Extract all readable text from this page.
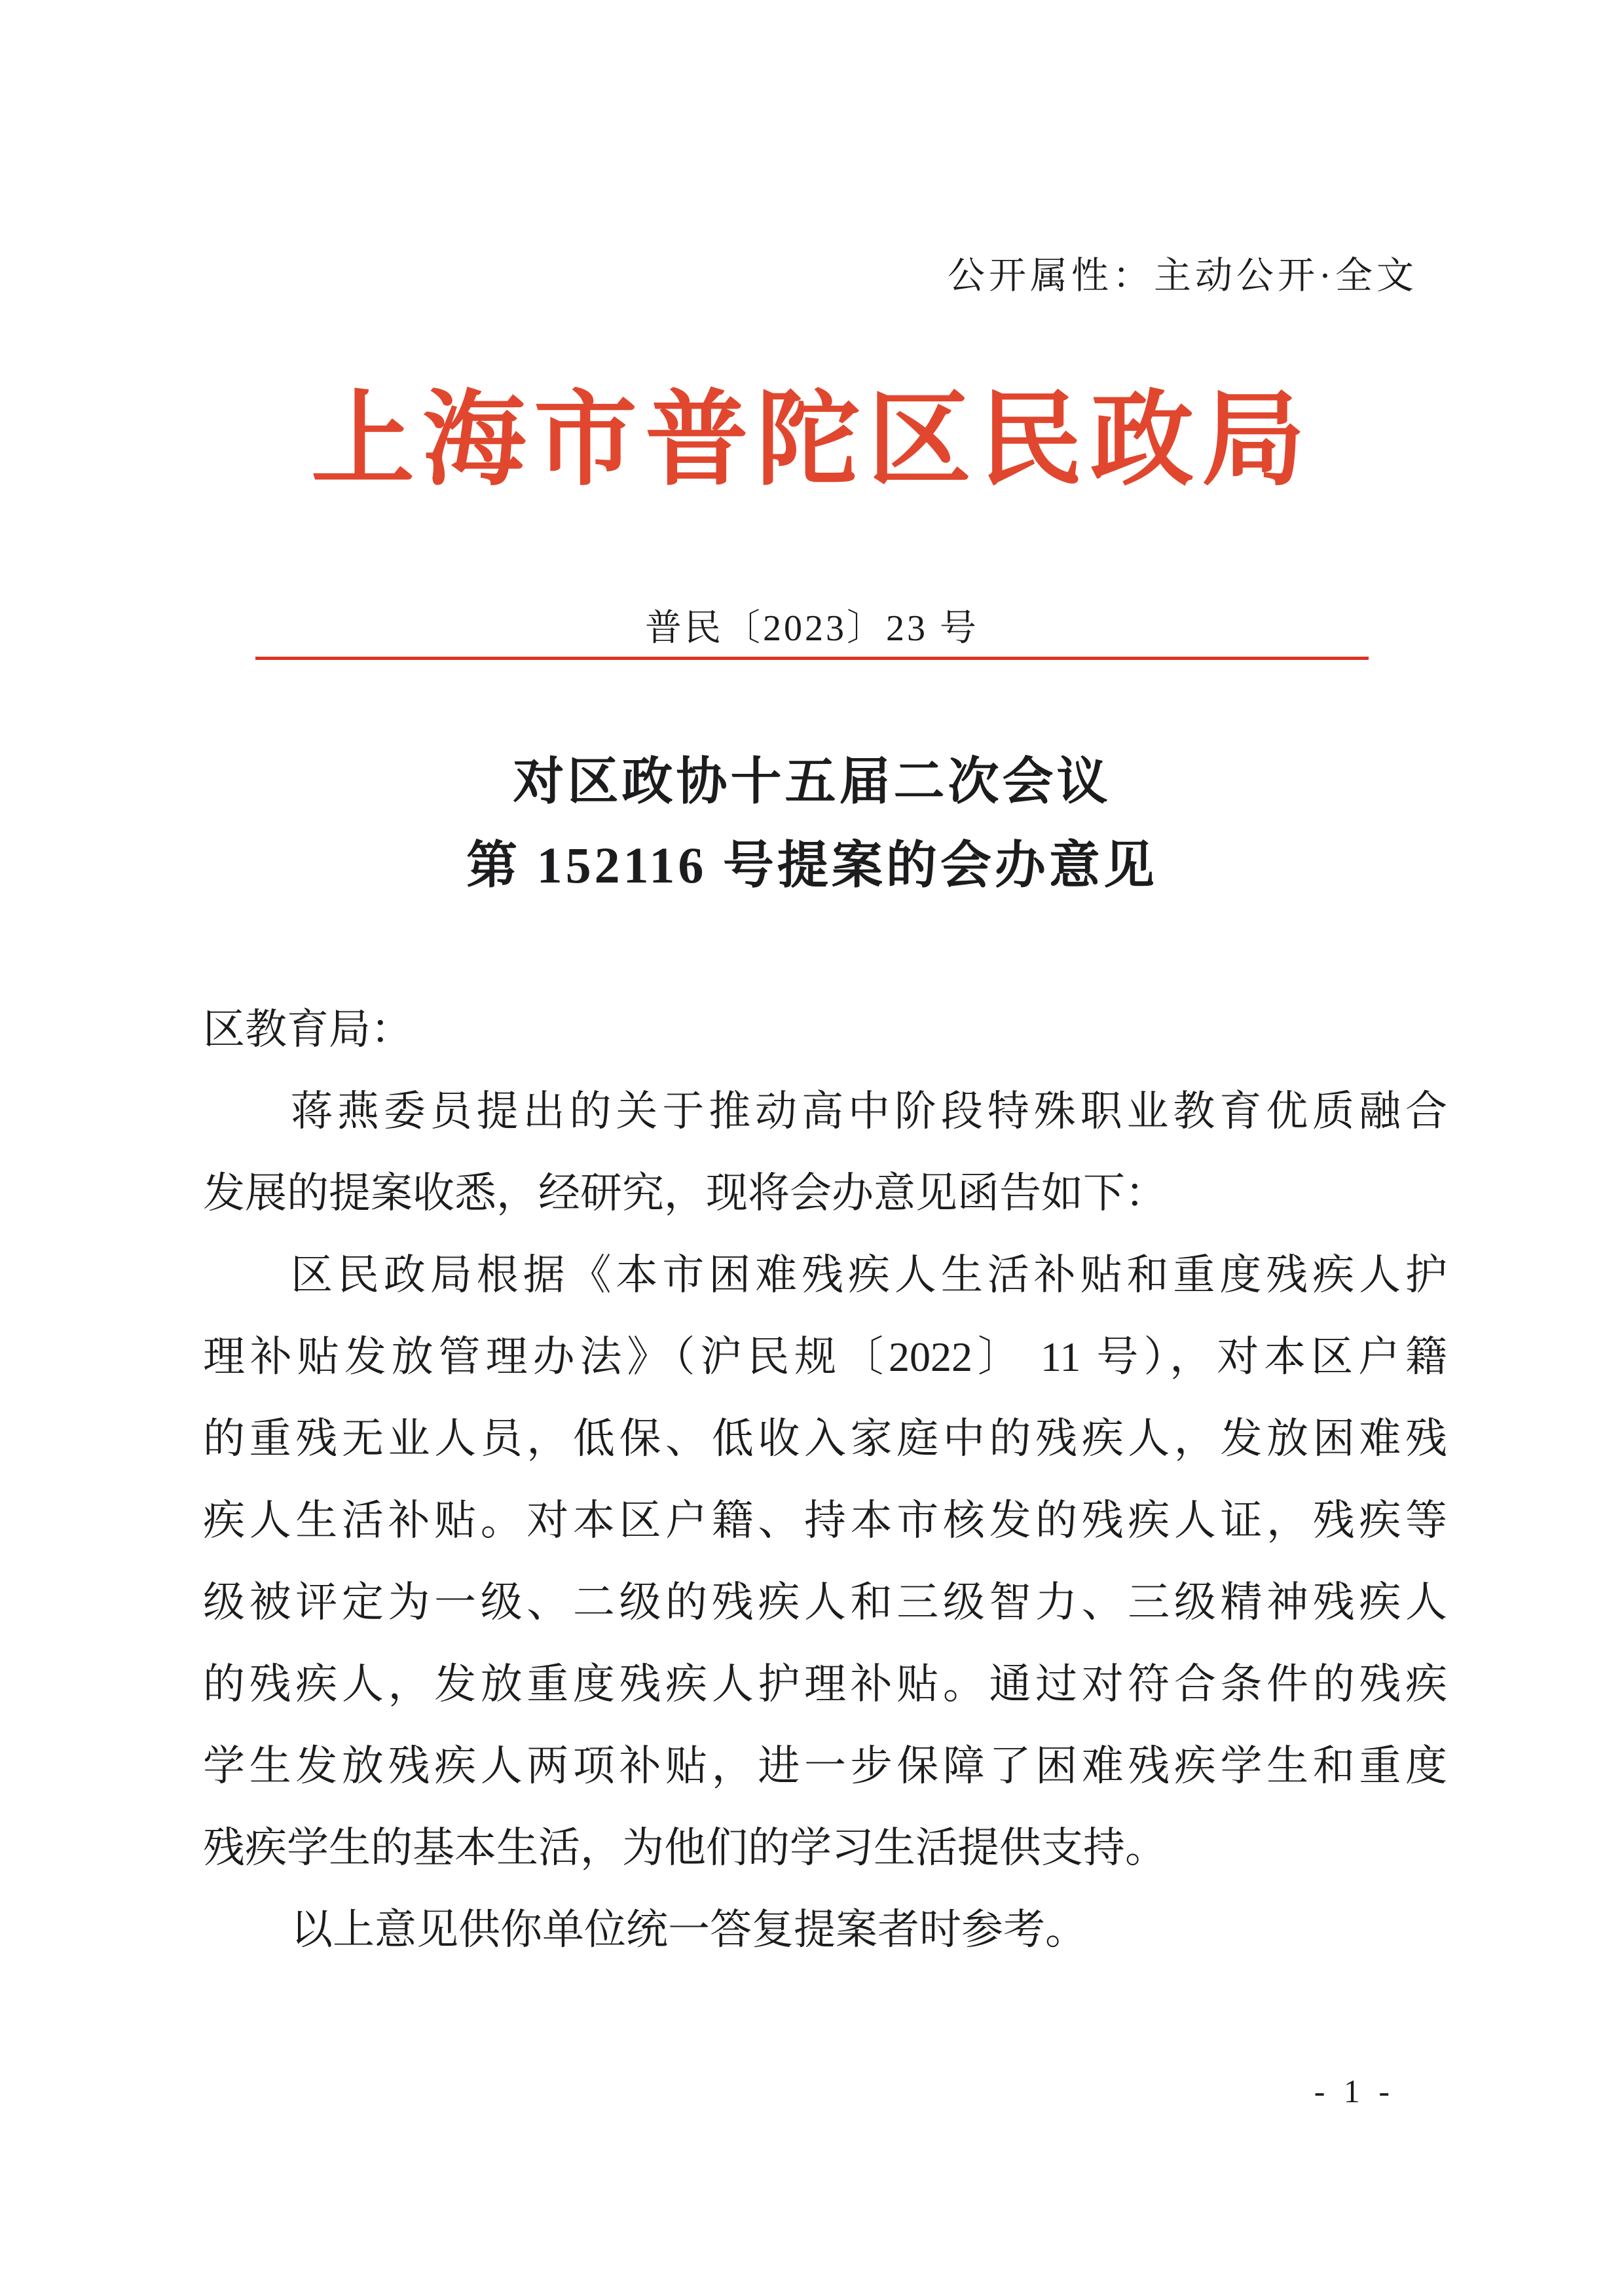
公开属性：主动公开·全文
上海市普陀区民政局
普民〔2023〕23 号
对区政协十五届二次会议
第 152116 号提案的会办意见
区教育局：
蒋燕委员提出的关于推动高中阶段特殊职业教育优质融合
发展的提案收悉，经研究，现将会办意见函告如下：
区民政局根据《本市困难残疾人生活补贴和重度残疾人护
理补贴发放管理办法》（沪民规〔2022〕 11 号），对本区户籍
的重残无业人员，低保、低收入家庭中的残疾人，发放困难残
疾人生活补贴。对本区户籍、持本市核发的残疾人证，残疾等
级被评定为一级、二级的残疾人和三级智力、三级精神残疾人
的残疾人，发放重度残疾人护理补贴。通过对符合条件的残疾
学生发放残疾人两项补贴，进一步保障了困难残疾学生和重度
残疾学生的基本生活，为他们的学习生活提供支持。
以上意见供你单位统一答复提案者时参考。
- 1 -
